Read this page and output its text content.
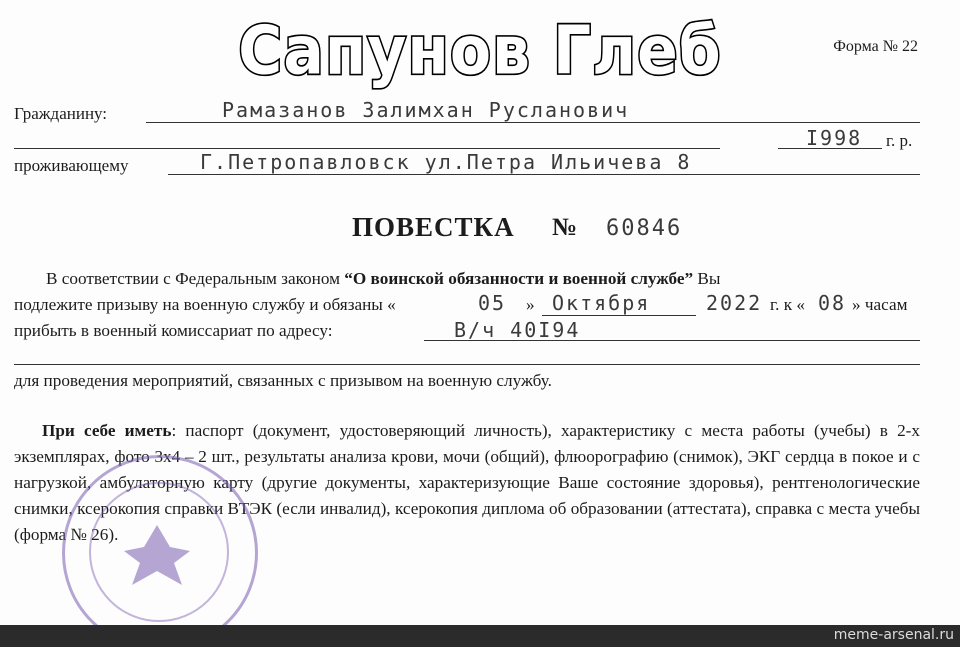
Сапунов Глеб	Форма № 22
Гражданину:	Рамазанов Залимхан Русланович
I998 г. р.
проживающему	Г.Петропавловск ул.Петра Ильичева 8
ПОВЕСТКА № 60846
В соответствии с Федеральным законом “О воинской обязанности и военной службе” Вы
подлежите призыву на военную службу и обязаны «	05 » Октября	2022 г. к « 08 » часам
прибыть в военный комиссариат по адресу:	В/ч 40I94
для проведения мероприятий, связанных с призывом на военную службу.
При себе иметь: паспорт (документ, удостоверяющий личность), характеристику с места работы (учебы) в 2-х экземплярах, фото 3х4 – 2 шт., результаты анализа крови, мочи (общий), флюорографию (снимок), ЭКГ сердца в покое и с нагрузкой, амбулаторную карту (другие документы, характеризующие Ваше состояние здоровья), рентгенологические снимки, ксерокопия справки ВТЭК (если инвалид), ксерокопия диплома об образовании (аттестата), справка с места учебы (форма № 26).
meme-arsenal.ru
